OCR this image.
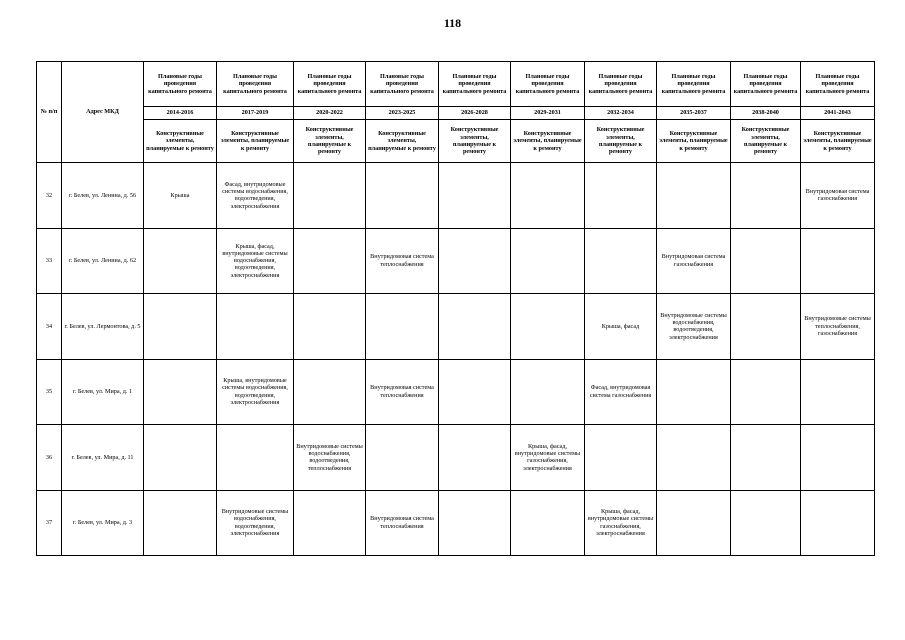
118
№ п/п	Адрес МКД	Плановые годы проведения капитального ремонта	Плановые годы проведения капитального ремонта	Плановые годы проведения капитального ремонта	Плановые годы проведения капитального ремонта	Плановые годы проведения капитального ремонта	Плановые годы проведения капитального ремонта	Плановые годы проведения капитального ремонта	Плановые годы проведения капитального ремонта	Плановые годы проведения капитального ремонта	Плановые годы проведения капитального ремонта
		2014-2016	2017-2019	2020-2022	2023-2025	2026-2028	2029-2031	2032-2034	2035-2037	2038-2040	2041-2043
		Конструктивные элементы, планируемые к ремонту	Конструктивные элементы, планируемые к ремонту	Конструктивные элементы, планируемые к ремонту	Конструктивные элементы, планируемые к ремонту	Конструктивные элементы, планируемые к ремонту	Конструктивные элементы, планируемые к ремонту	Конструктивные элементы, планируемые к ремонту	Конструктивные элементы, планируемые к ремонту	Конструктивные элементы, планируемые к ремонту	Конструктивные элементы, планируемые к ремонту
32	г. Белев, ул. Ленина, д. 56	Крыша	Фасад, внутридомовые системы водоснабжения, водоотведения, электроснабжения								Внутридомовая система газоснабжения
33	г. Белев, ул. Ленина, д. 62		Крыша, фасад, внутридомовые системы водоснабжения, водоотведения, электроснабжения		Внутридомовая система теплоснабжения				Внутридомовая система газоснабжения		
34	г. Белев, ул. Лермонтова, д. 5							Крыша, фасад	Внутридомовые системы водоснабжения, водоотведения, электроснабжения		Внутридомовые системы теплоснабжения, газоснабжения
35	г. Белев, ул. Мира, д. 1		Крыша, внутридомовые системы водоснабжения, водоотведения, электроснабжения		Внутридомовая система теплоснабжения			Фасад, внутридомовая система газоснабжения			
36	г. Белев, ул. Мира, д. 11			Внутридомовые системы водоснабжения, водоотведения, теплоснабжения			Крыша, фасад, внутридомовые системы газоснабжения, электроснабжения				
37	г. Белев, ул. Мира, д. 3		Внутридомовые системы водоснабжения, водоотведения, электроснабжения		Внутридомовая система теплоснабжения			Крыша, фасад, внутридомовые системы газоснабжения, электроснабжения			
